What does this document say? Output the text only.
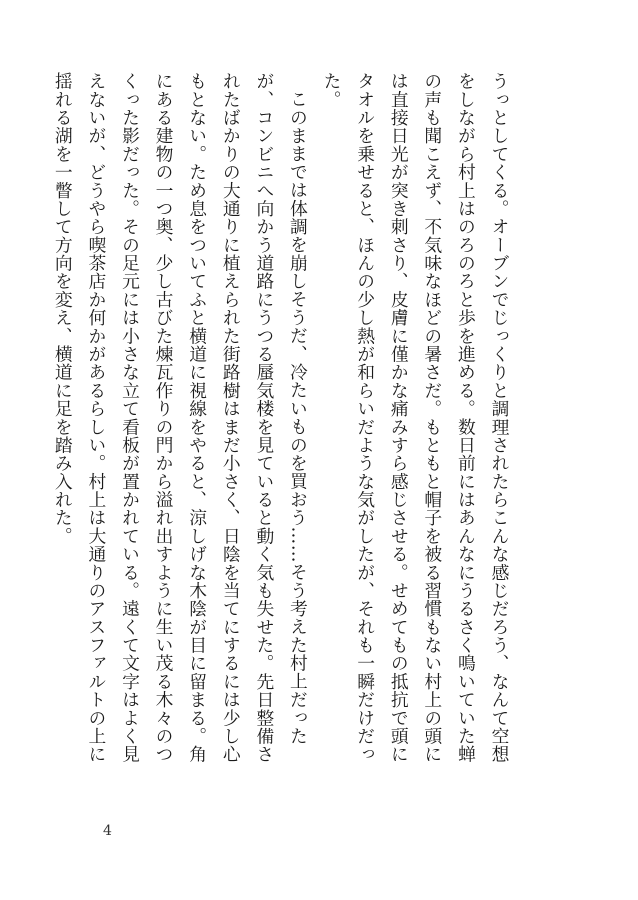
うっとしてくる。オーブンでじっくりと調理されたらこんな感じだろう、なんて空想をしながら村上はのろのろと歩を進める。数日前にはあんなにうるさく鳴いていた蝉の声も聞こえず、不気味なほどの暑さだ。もともと帽子を被る習慣もない村上の頭には直接日光が突き刺さり、皮膚に僅かな痛みすら感じさせる。せめてもの抵抗で頭にタオルを乗せると、ほんの少し熱が和らいだような気がしたが、それも一瞬だけだった。

このままでは体調を崩しそうだ、冷たいものを買おう……そう考えた村上だったが、コンビニへ向かう道路にうつる蜃気楼を見ていると動く気も失せた。先日整備されたばかりの大通りに植えられた街路樹はまだ小さく、日陰を当てにするには少し心もとない。ため息をついてふと横道に視線をやると、涼しげな木陰が目に留まる。角にある建物の一つ奥、少し古びた煉瓦作りの門から溢れ出すように生い茂る木々のつくった影だった。その足元には小さな立て看板が置かれている。遠くて文字はよく見えないが、どうやら喫茶店か何かがあるらしい。村上は大通りのアスファルトの上に揺れる湖を一瞥して方向を変え、横道に足を踏み入れた。

4
